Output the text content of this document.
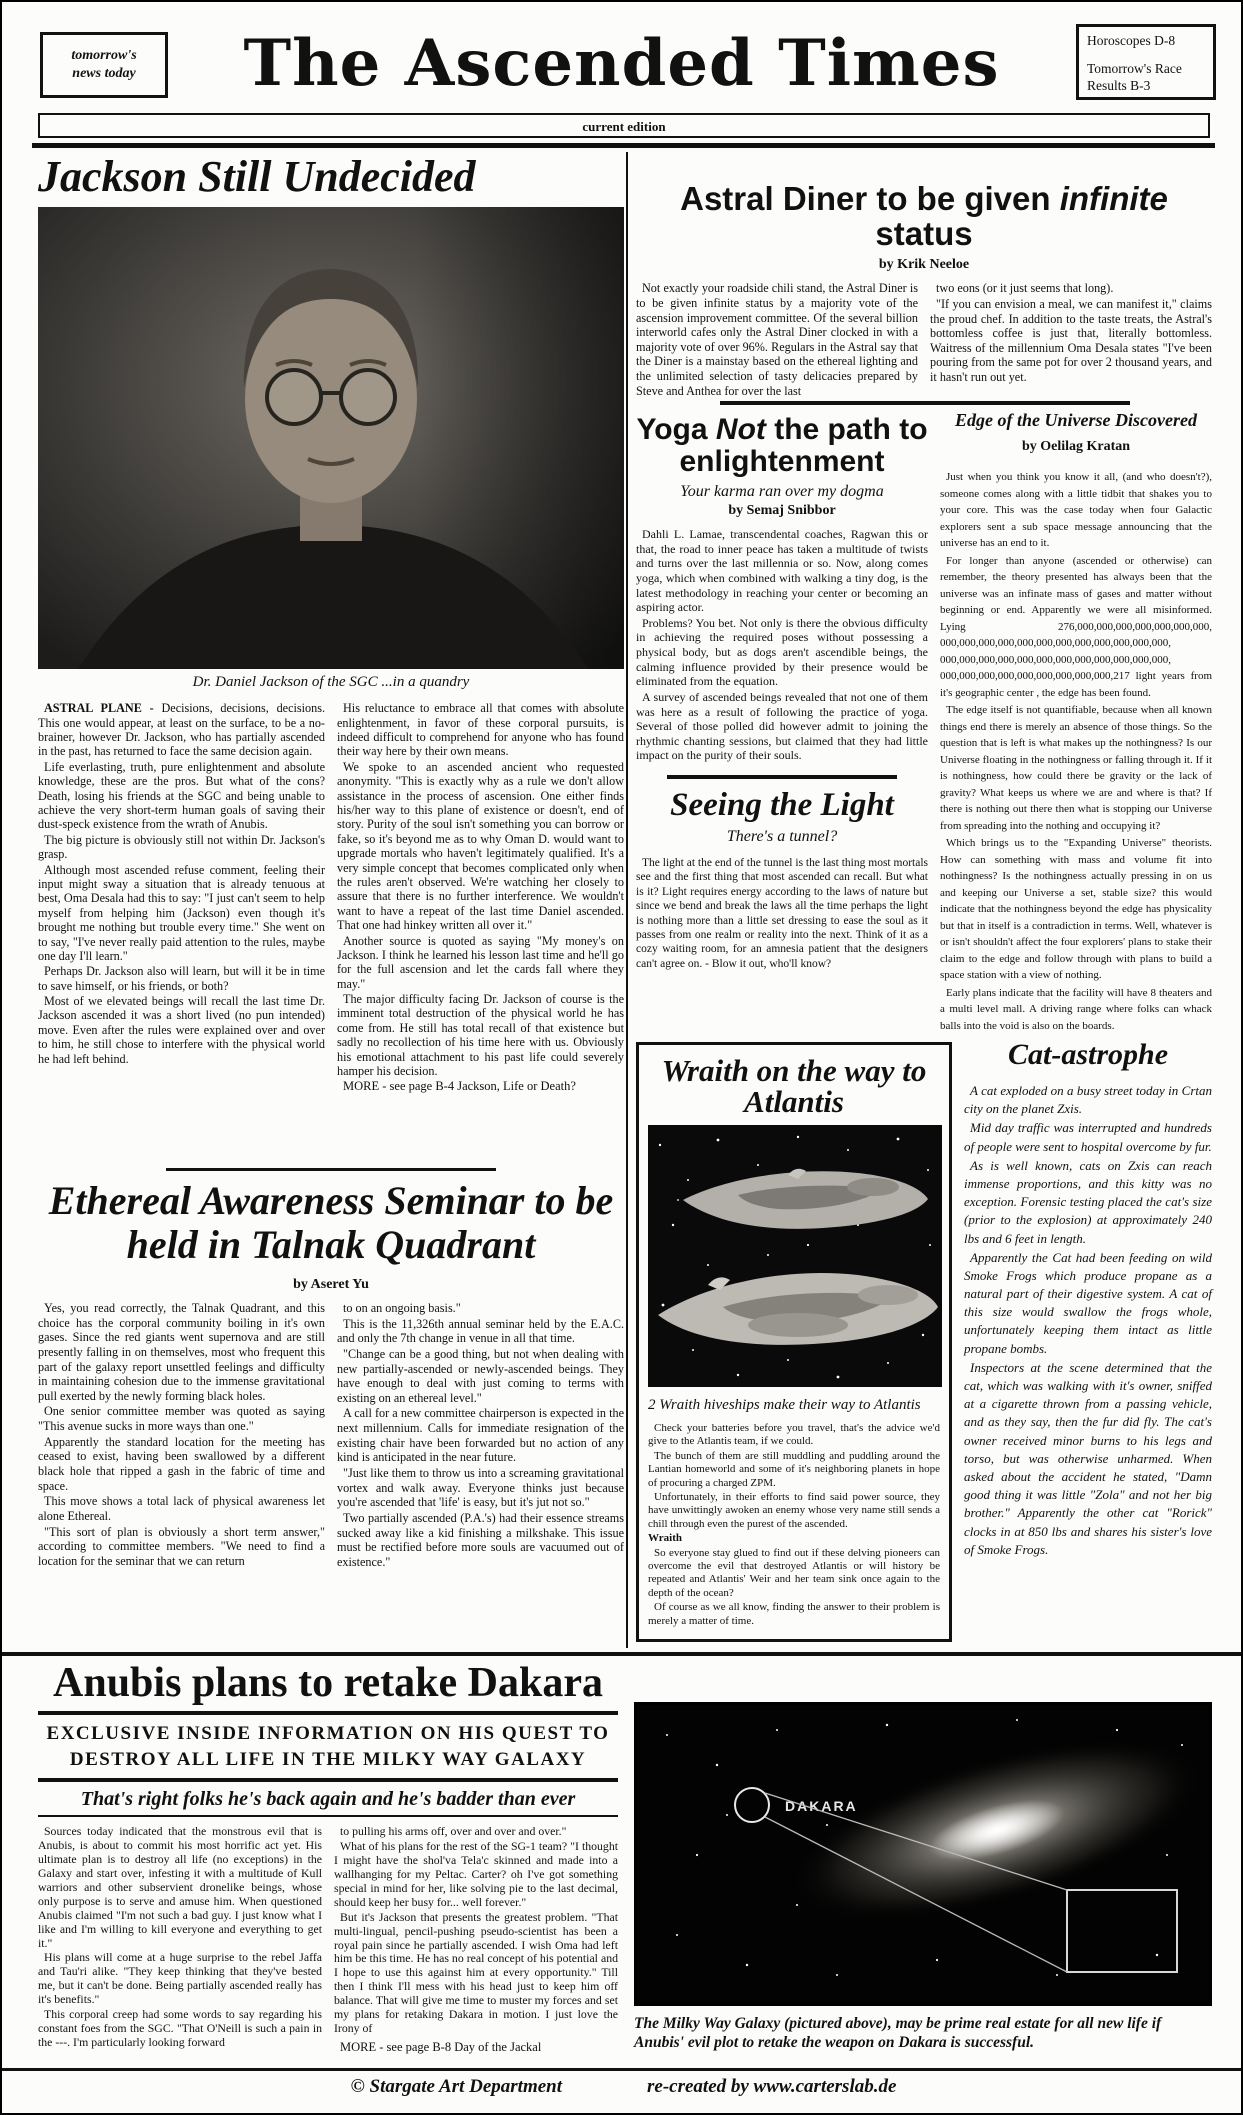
tomorrow's
news today	The Ascended Times	Horoscopes D-8
Tomorrow's Race Results B-3
current edition
Jackson Still Undecided
Dr. Daniel Jackson of the SGC ...in a quandry

ASTRAL PLANE - Decisions, decisions, decisions. This one would appear, at least on the surface, to be a no-brainer, however Dr. Jackson, who has partially ascended in the past, has returned to face the same decision again.

Life everlasting, truth, pure enlightenment and absolute knowledge, these are the pros. But what of the cons? Death, losing his friends at the SGC and being unable to achieve the very short-term human goals of saving their dust-speck existence from the wrath of Anubis.

The big picture is obviously still not within Dr. Jackson's grasp.

Although most ascended refuse comment, feeling their input might sway a situation that is already tenuous at best, Oma Desala had this to say: "I just can't seem to help myself from helping him (Jackson) even though it's brought me nothing but trouble every time." She went on to say, "I've never really paid attention to the rules, maybe one day I'll learn."

Perhaps Dr. Jackson also will learn, but will it be in time to save himself, or his friends, or both?

Most of we elevated beings will recall the last time Dr. Jackson ascended it was a short lived (no pun intended) move. Even after the rules were explained over and over to him, he still chose to interfere with the physical world he had left behind.

His reluctance to embrace all that comes with absolute enlightenment, in favor of these corporal pursuits, is indeed difficult to comprehend for anyone who has found their way here by their own means.

We spoke to an ascended ancient who requested anonymity. "This is exactly why as a rule we don't allow assistance in the process of ascension. One either finds his/her way to this plane of existence or doesn't, end of story. Purity of the soul isn't something you can borrow or fake, so it's beyond me as to why Oman D. would want to upgrade mortals who haven't legitimately qualified. It's a very simple concept that becomes complicated only when the rules aren't observed. We're watching her closely to assure that there is no further interference. We wouldn't want to have a repeat of the last time Daniel ascended. That one had hinkey written all over it."

Another source is quoted as saying "My money's on Jackson. I think he learned his lesson last time and he'll go for the full ascension and let the cards fall where they may."

The major difficulty facing Dr. Jackson of course is the imminent total destruction of the physical world he has come from. He still has total recall of that existence but sadly no recollection of his time here with us. Obviously his emotional attachment to his past life could severely hamper his decision.

MORE - see page B-4 Jackson, Life or Death?

Ethereal Awareness Seminar to be held in Talnak Quadrant
by Aseret Yu

Yes, you read correctly, the Talnak Quadrant, and this choice has the corporal community boiling in it's own gases. Since the red giants went supernova and are still presently falling in on themselves, most who frequent this part of the galaxy report unsettled feelings and difficulty in maintaining cohesion due to the immense gravitational pull exerted by the newly forming black holes.

One senior committee member was quoted as saying "This avenue sucks in more ways than one."

Apparently the standard location for the meeting has ceased to exist, having been swallowed by a different black hole that ripped a gash in the fabric of time and space.

This move shows a total lack of physical awareness let alone Ethereal.

"This sort of plan is obviously a short term answer," according to committee members. "We need to find a location for the seminar that we can return

to on an ongoing basis."

This is the 11,326th annual seminar held by the E.A.C. and only the 7th change in venue in all that time.

"Change can be a good thing, but not when dealing with new partially-ascended or newly-ascended beings. They have enough to deal with just coming to terms with existing on an ethereal level."

A call for a new committee chairperson is expected in the next millennium. Calls for immediate resignation of the existing chair have been forwarded but no action of any kind is anticipated in the near future.

"Just like them to throw us into a screaming gravitational vortex and walk away. Everyone thinks just because you're ascended that 'life' is easy, but it's jut not so."

Two partially ascended (P.A.'s) had their essence streams sucked away like a kid finishing a milkshake. This issue must be rectified before more souls are vacuumed out of existence."

Astral Diner to be given infinite status
by Krik Neeloe

Not exactly your roadside chili stand, the Astral Diner is to be given infinite status by a majority vote of the ascension improvement committee. Of the several billion interworld cafes only the Astral Diner clocked in with a majority vote of over 96%. Regulars in the Astral say that the Diner is a mainstay based on the ethereal lighting and the unlimited selection of tasty delicacies prepared by Steve and Anthea for over the last

two eons (or it just seems that long).

"If you can envision a meal, we can manifest it," claims the proud chef. In addition to the taste treats, the Astral's bottomless coffee is just that, literally bottomless. Waitress of the millennium Oma Desala states "I've been pouring from the same pot for over 2 thousand years, and it hasn't run out yet.

Yoga Not the path to enlightenment
Your karma ran over my dogma
by Semaj Snibbor

Dahli L. Lamae, transcendental coaches, Ragwan this or that, the road to inner peace has taken a multitude of twists and turns over the last millennia or so. Now, along comes yoga, which when combined with walking a tiny dog, is the latest methodology in reaching your center or becoming an aspiring actor.

Problems? You bet. Not only is there the obvious difficulty in achieving the required poses without possessing a physical body, but as dogs aren't ascendible beings, the calming influence provided by their presence would be eliminated from the equation.

A survey of ascended beings revealed that not one of them was here as a result of following the practice of yoga. Several of those polled did however admit to joining the rhythmic chanting sessions, but claimed that they had little impact on the purity of their souls.

Seeing the Light
There's a tunnel?

The light at the end of the tunnel is the last thing most mortals see and the first thing that most ascended can recall. But what is it? Light requires energy according to the laws of nature but since we bend and break the laws all the time perhaps the light is nothing more than a little set dressing to ease the soul as it passes from one realm or reality into the next. Think of it as a cozy waiting room, for an amnesia patient that the designers can't agree on. - Blow it out, who'll know?

Edge of the Universe Discovered
by Oelilag Kratan

Just when you think you know it all, (and who doesn't?), someone comes along with a little tidbit that shakes you to your core. This was the case today when four Galactic explorers sent a sub space message announcing that the universe has an end to it.

For longer than anyone (ascended or otherwise) can remember, the theory presented has always been that the universe was an infinate mass of gases and matter without beginning or end. Apparently we were all misinformed. Lying 276,000,000,000,000,000,000,000, 000,000,000,000,000,000,000,000,000,000,000,000, 000,000,000,000,000,000,000,000,000,000,000,000, 000,000,000,000,000,000,000,000,000,217 light years from it's geographic center , the edge has been found.

The edge itself is not quantifiable, because when all known things end there is merely an absence of those things. So the question that is left is what makes up the nothingness? Is our Universe floating in the nothingness or falling through it. If it is nothingness, how could there be gravity or the lack of gravity? What keeps us where we are and where is that? If there is nothing out there then what is stopping our Universe from spreading into the nothing and occupying it?

Which brings us to the "Expanding Universe" theorists. How can something with mass and volume fit into nothingness? Is the nothingness actually pressing in on us and keeping our Universe a set, stable size? this would indicate that the nothingness beyond the edge has physicality but that in itself is a contradiction in terms. Well, whatever is or isn't shouldn't affect the four explorers' plans to stake their claim to the edge and follow through with plans to build a space station with a view of nothing.

Early plans indicate that the facility will have 8 theaters and a multi level mall. A driving range where folks can whack balls into the void is also on the boards.

Wraith on the way to Atlantis
2 Wraith hiveships make their way to Atlantis

Check your batteries before you travel, that's the advice we'd give to the Atlantis team, if we could.

The bunch of them are still muddling and puddling around the Lantian homeworld and some of it's neighboring planets in hope of procuring a charged ZPM.

Unfortunately, in their efforts to find said power source, they have unwittingly awoken an enemy whose very name still sends a chill through even the purest of the ascended.

Wraith

So everyone stay glued to find out if these delving pioneers can overcome the evil that destroyed Atlantis or will history be repeated and Atlantis' Weir and her team sink once again to the depth of the ocean?

Of course as we all know, finding the answer to their problem is merely a matter of time.

Cat-astrophe

A cat exploded on a busy street today in Crtan city on the planet Zxis.

Mid day traffic was interrupted and hundreds of people were sent to hospital overcome by fur.

As is well known, cats on Zxis can reach immense proportions, and this kitty was no exception. Forensic testing placed the cat's size (prior to the explosion) at approximately 240 lbs and 6 feet in length.

Apparently the Cat had been feeding on wild Smoke Frogs which produce propane as a natural part of their digestive system. A cat of this size would swallow the frogs whole, unfortunately keeping them intact as little propane bombs.

Inspectors at the scene determined that the cat, which was walking with it's owner, sniffed at a cigarette thrown from a passing vehicle, and as they say, then the fur did fly. The cat's owner received minor burns to his legs and torso, but was otherwise unharmed. When asked about the accident he stated, "Damn good thing it was little "Zola" and not her big brother." Apparently the other cat "Rorick" clocks in at 850 lbs and shares his sister's love of Smoke Frogs.

Anubis plans to retake Dakara
EXCLUSIVE INSIDE INFORMATION ON HIS QUEST TO DESTROY ALL LIFE IN THE MILKY WAY GALAXY
That's right folks he's back again and he's badder than ever

Sources today indicated that the monstrous evil that is Anubis, is about to commit his most horrific act yet. His ultimate plan is to destroy all life (no exceptions) in the Galaxy and start over, infesting it with a multitude of Kull warriors and other subservient dronelike beings, whose only purpose is to serve and amuse him. When questioned Anubis claimed "I'm not such a bad guy. I just know what I like and I'm willing to kill everyone and everything to get it."

His plans will come at a huge surprise to the rebel Jaffa and Tau'ri alike. "They keep thinking that they've bested me, but it can't be done. Being partially ascended really has it's benefits."

This corporal creep had some words to say regarding his constant foes from the SGC. "That O'Neill is such a pain in the ---. I'm particularly looking forward

to pulling his arms off, over and over and over."

What of his plans for the rest of the SG-1 team? "I thought I might have the shol'va Tela'c skinned and made into a wallhanging for my Peltac. Carter? oh I've got something special in mind for her, like solving pie to the last decimal, should keep her busy for... well forever."

But it's Jackson that presents the greatest problem. "That multi-lingual, pencil-pushing pseudo-scientist has been a royal pain since he partially ascended. I wish Oma had left him be this time. He has no real concept of his potential and I hope to use this against him at every opportunity." Till then I think I'll mess with his head just to keep him off balance. That will give me time to muster my forces and set my plans for retaking Dakara in motion. I just love the Irony of

MORE - see page B-8 Day of the Jackal

DAKARA
The Milky Way Galaxy (pictured above), may be prime real estate for all new life if Anubis' evil plot to retake the weapon on Dakara is successful.
© Stargate Art Department	re-created by www.carterslab.de
